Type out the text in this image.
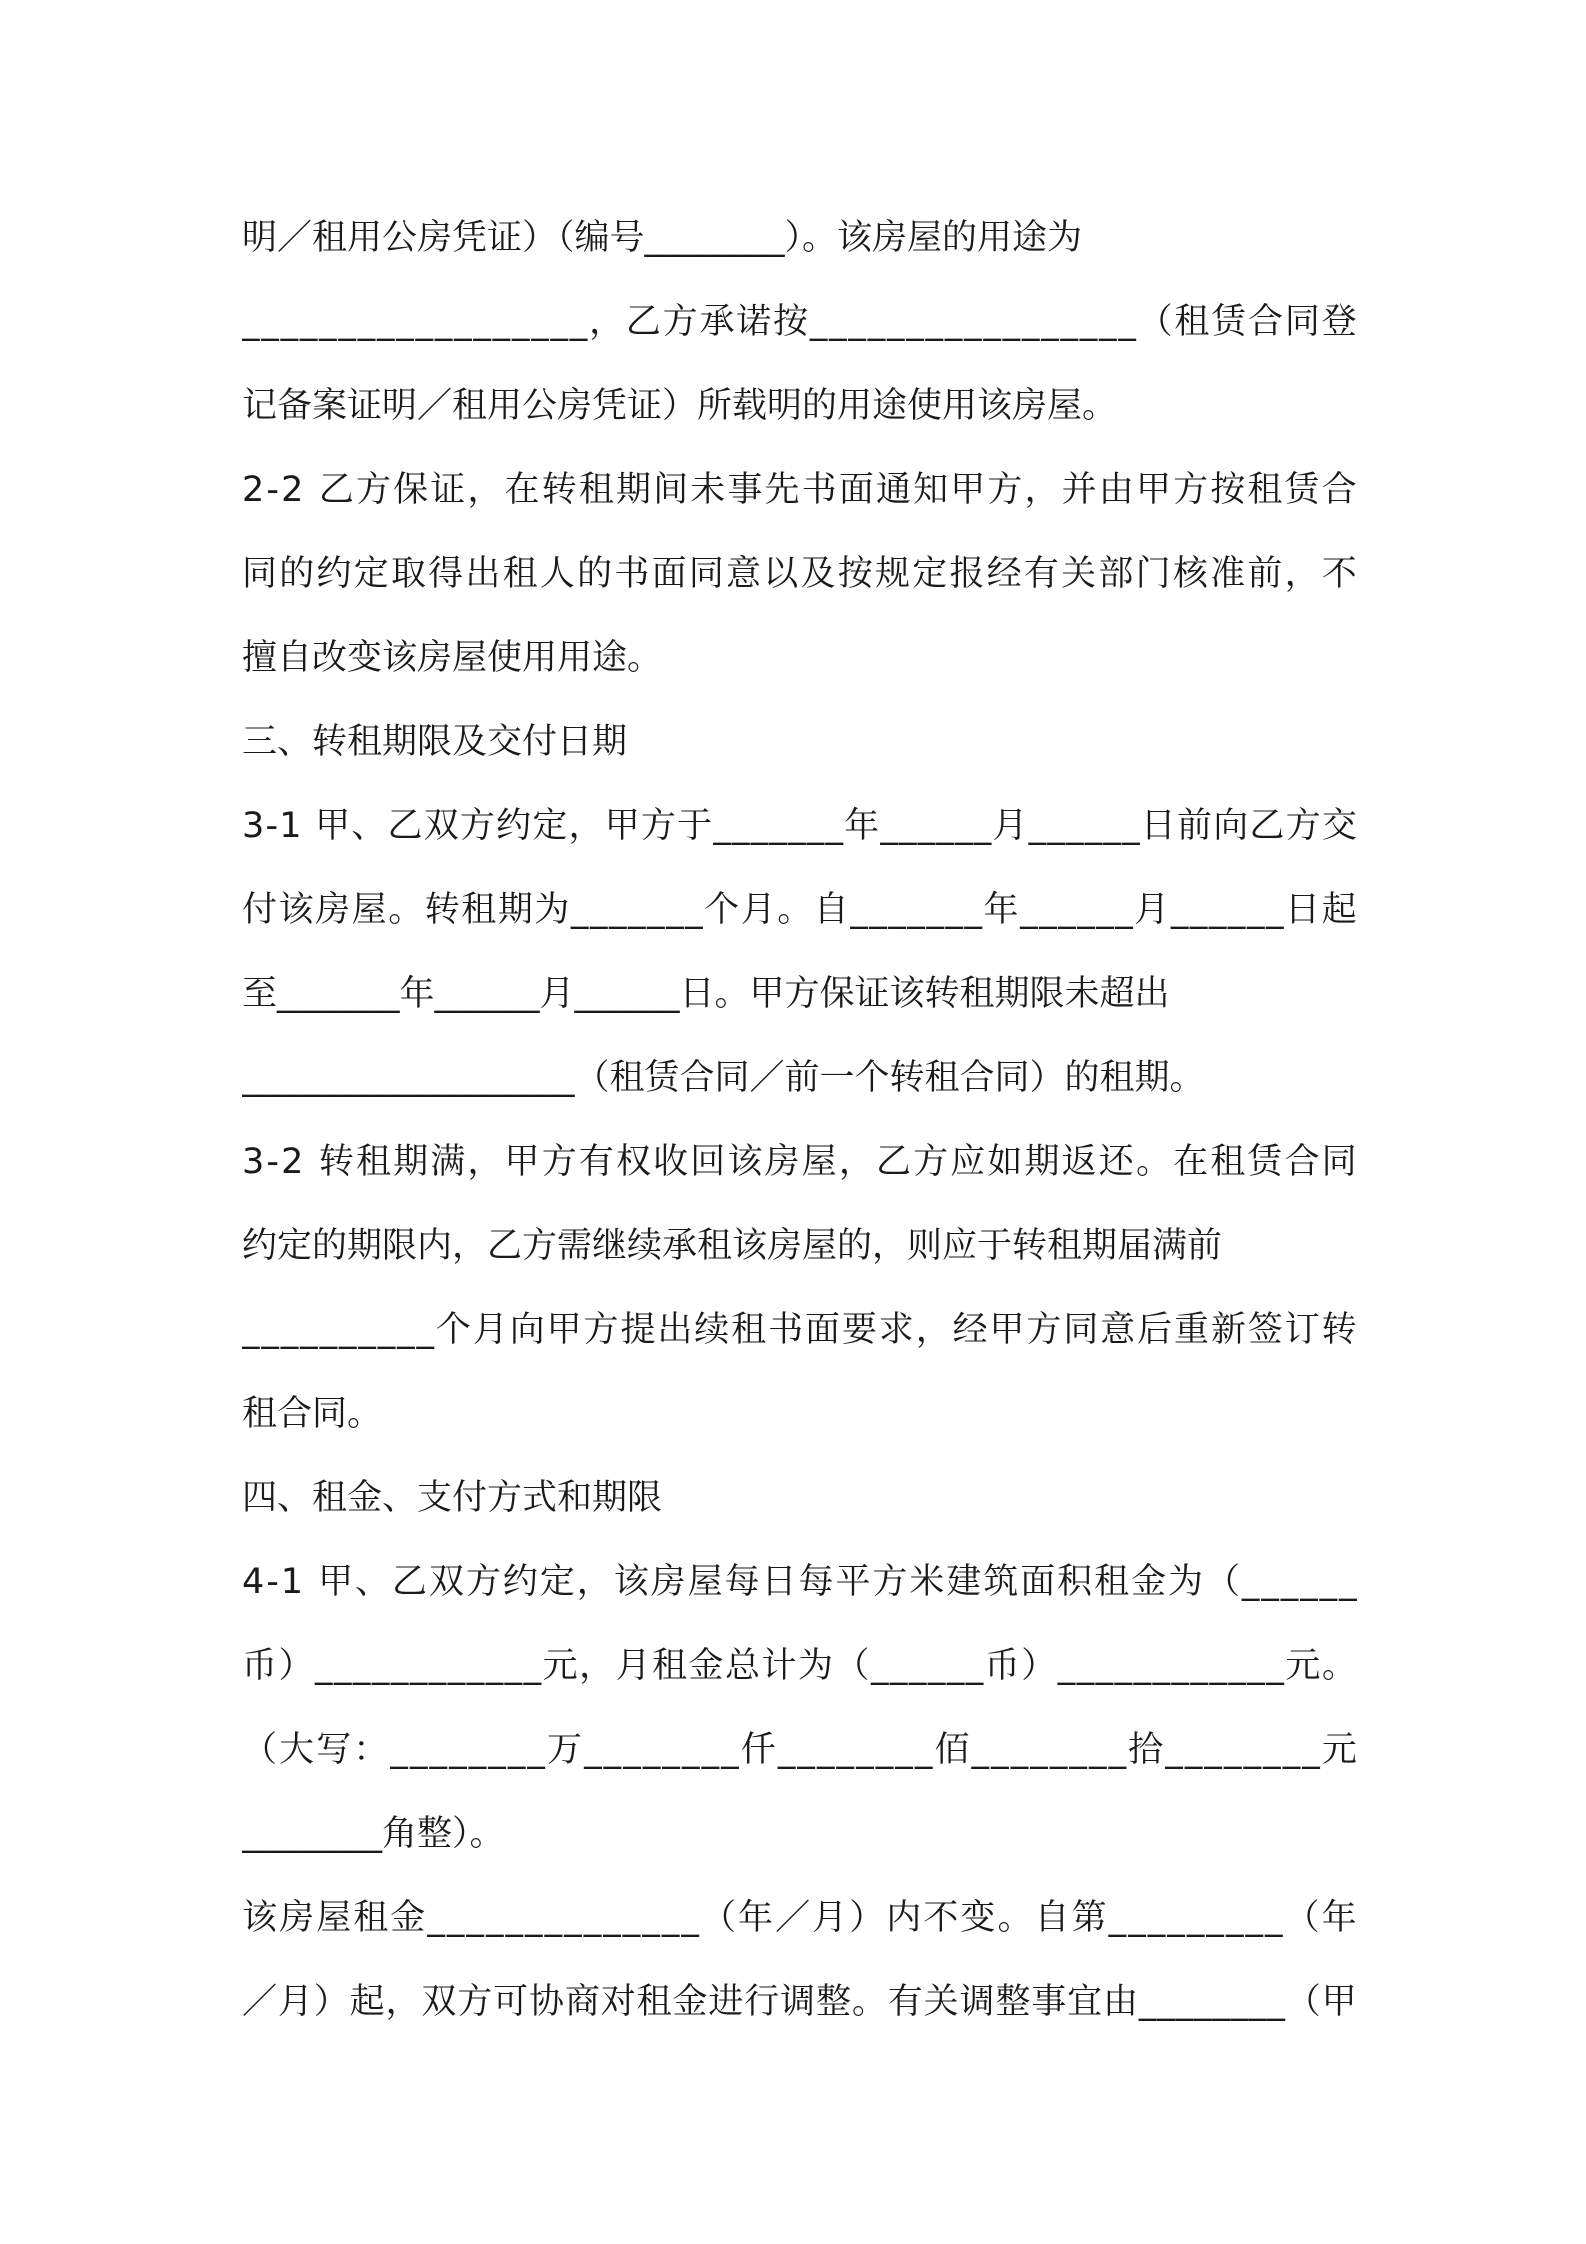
明／租用公房凭证）（编号________）。该房屋的用途为
_ _ _ _ _ _ _ _ _ _ _ _ _ _ _ _ _ _ ， 乙 方 承 诺 按 _ _ _ _ _ _ _ _ _ _ _ _ _ _ _ _ _ （ 租 赁 合 同 登
记备案证明／租用公房凭证）所载明的用途使用该房屋。
2 - 2
乙 方 保 证 ， 在 转 租 期 间 未 事 先 书 面 通 知 甲 方 ， 并 由 甲 方 按 租 赁 合
同 的 约 定 取 得 出 租 人 的 书 面 同 意 以 及 按 规 定 报 经 有 关 部 门 核 准 前 ， 不
擅自改变该房屋使用用途。
三、转租期限及交付日期
3 - 1
甲 、 乙 双 方 约 定 ， 甲 方 于 _ _ _ _ _ _ _ 年 _ _ _ _ _ _ 月 _ _ _ _ _ _ 日 前 向 乙 方 交
付 该 房 屋 。 转 租 期 为 _ _ _ _ _ _ _ 个 月 。 自 _ _ _ _ _ _ _ 年 _ _ _ _ _ _ 月 _ _ _ _ _ _ 日 起
至_______年______月______日。甲方保证该转租期限未超出
___________________（租赁合同／前一个转租合同）的租期。
3 - 2
转 租 期 满 ， 甲 方 有 权 收 回 该 房 屋 ， 乙 方 应 如 期 返 还 。 在 租 赁 合 同
约定的期限内，乙方需继续承租该房屋的，则应于转租期届满前
_ _ _ _ _ _ _ _ _ _ 个 月 向 甲 方 提 出 续 租 书 面 要 求 ， 经 甲 方 同 意 后 重 新 签 订 转
租合同。
四、租金、支付方式和期限
4 - 1
甲 、 乙 双 方 约 定 ， 该 房 屋 每 日 每 平 方 米 建 筑 面 积 租 金 为 （ _ _ _ _ _ _
币 ） _ _ _ _ _ _ _ _ _ _ _ _ 元 ， 月 租 金 总 计 为 （ _ _ _ _ _ _ 币 ） _ _ _ _ _ _ _ _ _ _ _ _ 元 。
（ 大 写 ： _ _ _ _ _ _ _ _ 万 _ _ _ _ _ _ _ _ 仟 _ _ _ _ _ _ _ _ 佰 _ _ _ _ _ _ _ _ 拾 _ _ _ _ _ _ _ _ 元
________角整）。
该 房 屋 租 金 _ _ _ _ _ _ _ _ _ _ _ _ _ _ （ 年 ／ 月 ） 内 不 变 。 自 第 _ _ _ _ _ _ _ _ _ （ 年
／ 月 ） 起 ， 双 方 可 协 商 对 租 金 进 行 调 整 。 有 关 调 整 事 宜 由 _ _ _ _ _ _ _ _ （ 甲
